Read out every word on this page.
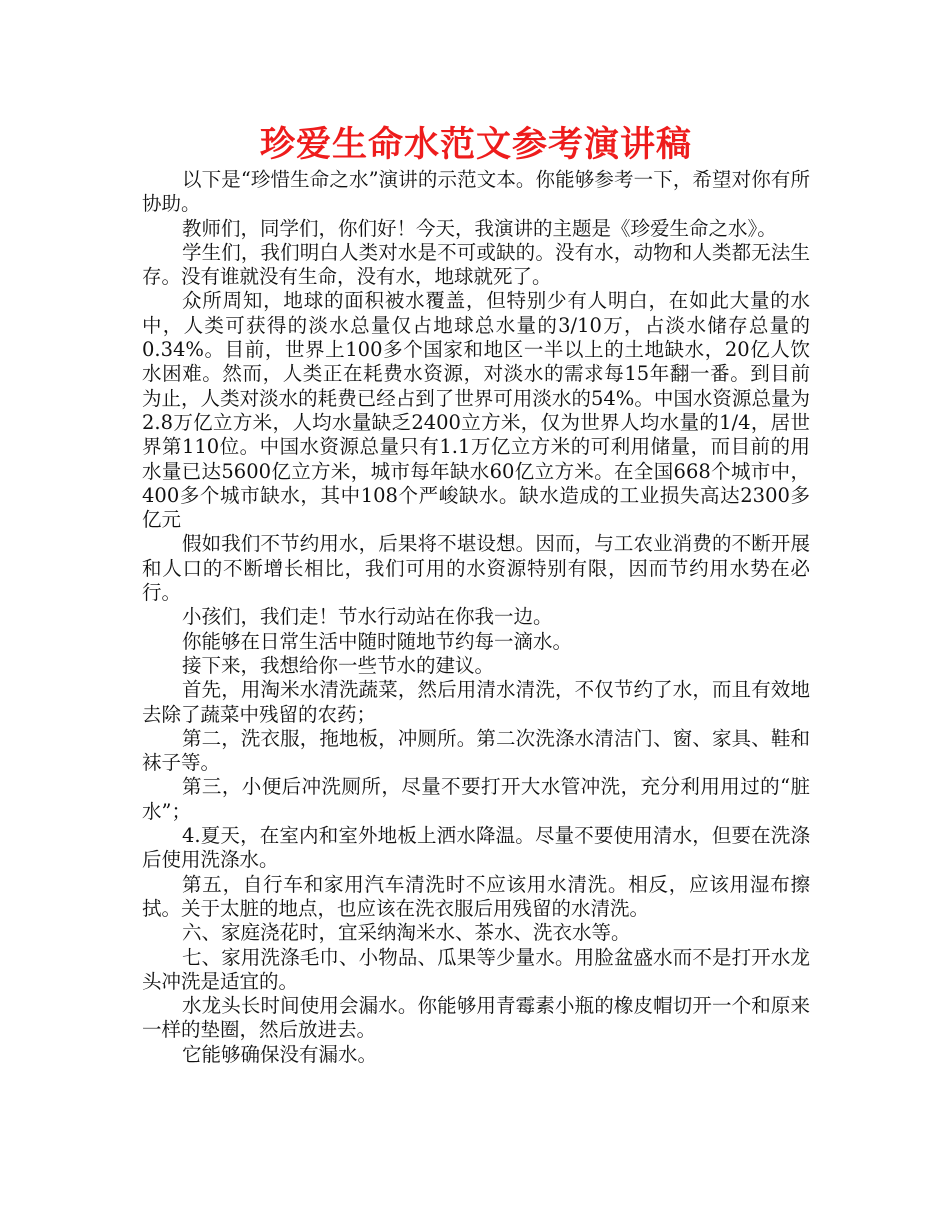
珍爱生命水范文参考演讲稿

以下是“珍惜生命之水”演讲的示范文本。你能够参考一下，希望对你有所协助。

教师们，同学们，你们好！今天，我演讲的主题是《珍爱生命之水》。

学生们，我们明白人类对水是不可或缺的。没有水，动物和人类都无法生存。没有谁就没有生命，没有水，地球就死了。

众所周知，地球的面积被水覆盖，但特别少有人明白，在如此大量的水中，人类可获得的淡水总量仅占地球总水量的3/10万，占淡水储存总量的0.34%。目前，世界上100多个国家和地区一半以上的土地缺水，20亿人饮水困难。然而，人类正在耗费水资源，对淡水的需求每15年翻一番。到目前为止，人类对淡水的耗费已经占到了世界可用淡水的54%。中国水资源总量为2.8万亿立方米，人均水量缺乏2400立方米，仅为世界人均水量的1/4，居世界第110位。中国水资源总量只有1.1万亿立方米的可利用储量，而目前的用水量已达5600亿立方米，城市每年缺水60亿立方米。在全国668个城市中，400多个城市缺水，其中108个严峻缺水。缺水造成的工业损失高达2300多亿元

假如我们不节约用水，后果将不堪设想。因而，与工农业消费的不断开展和人口的不断增长相比，我们可用的水资源特别有限，因而节约用水势在必行。

小孩们，我们走！节水行动站在你我一边。

你能够在日常生活中随时随地节约每一滴水。

接下来，我想给你一些节水的建议。

首先，用淘米水清洗蔬菜，然后用清水清洗，不仅节约了水，而且有效地去除了蔬菜中残留的农药；

第二，洗衣服，拖地板，冲厕所。第二次洗涤水清洁门、窗、家具、鞋和袜子等。

第三，小便后冲洗厕所，尽量不要打开大水管冲洗，充分利用用过的“脏水”；

4.夏天，在室内和室外地板上洒水降温。尽量不要使用清水，但要在洗涤后使用洗涤水。

第五，自行车和家用汽车清洗时不应该用水清洗。相反，应该用湿布擦拭。关于太脏的地点，也应该在洗衣服后用残留的水清洗。

六、家庭浇花时，宜采纳淘米水、茶水、洗衣水等。

七、家用洗涤毛巾、小物品、瓜果等少量水。用脸盆盛水而不是打开水龙头冲洗是适宜的。

水龙头长时间使用会漏水。你能够用青霉素小瓶的橡皮帽切开一个和原来一样的垫圈，然后放进去。

它能够确保没有漏水。
